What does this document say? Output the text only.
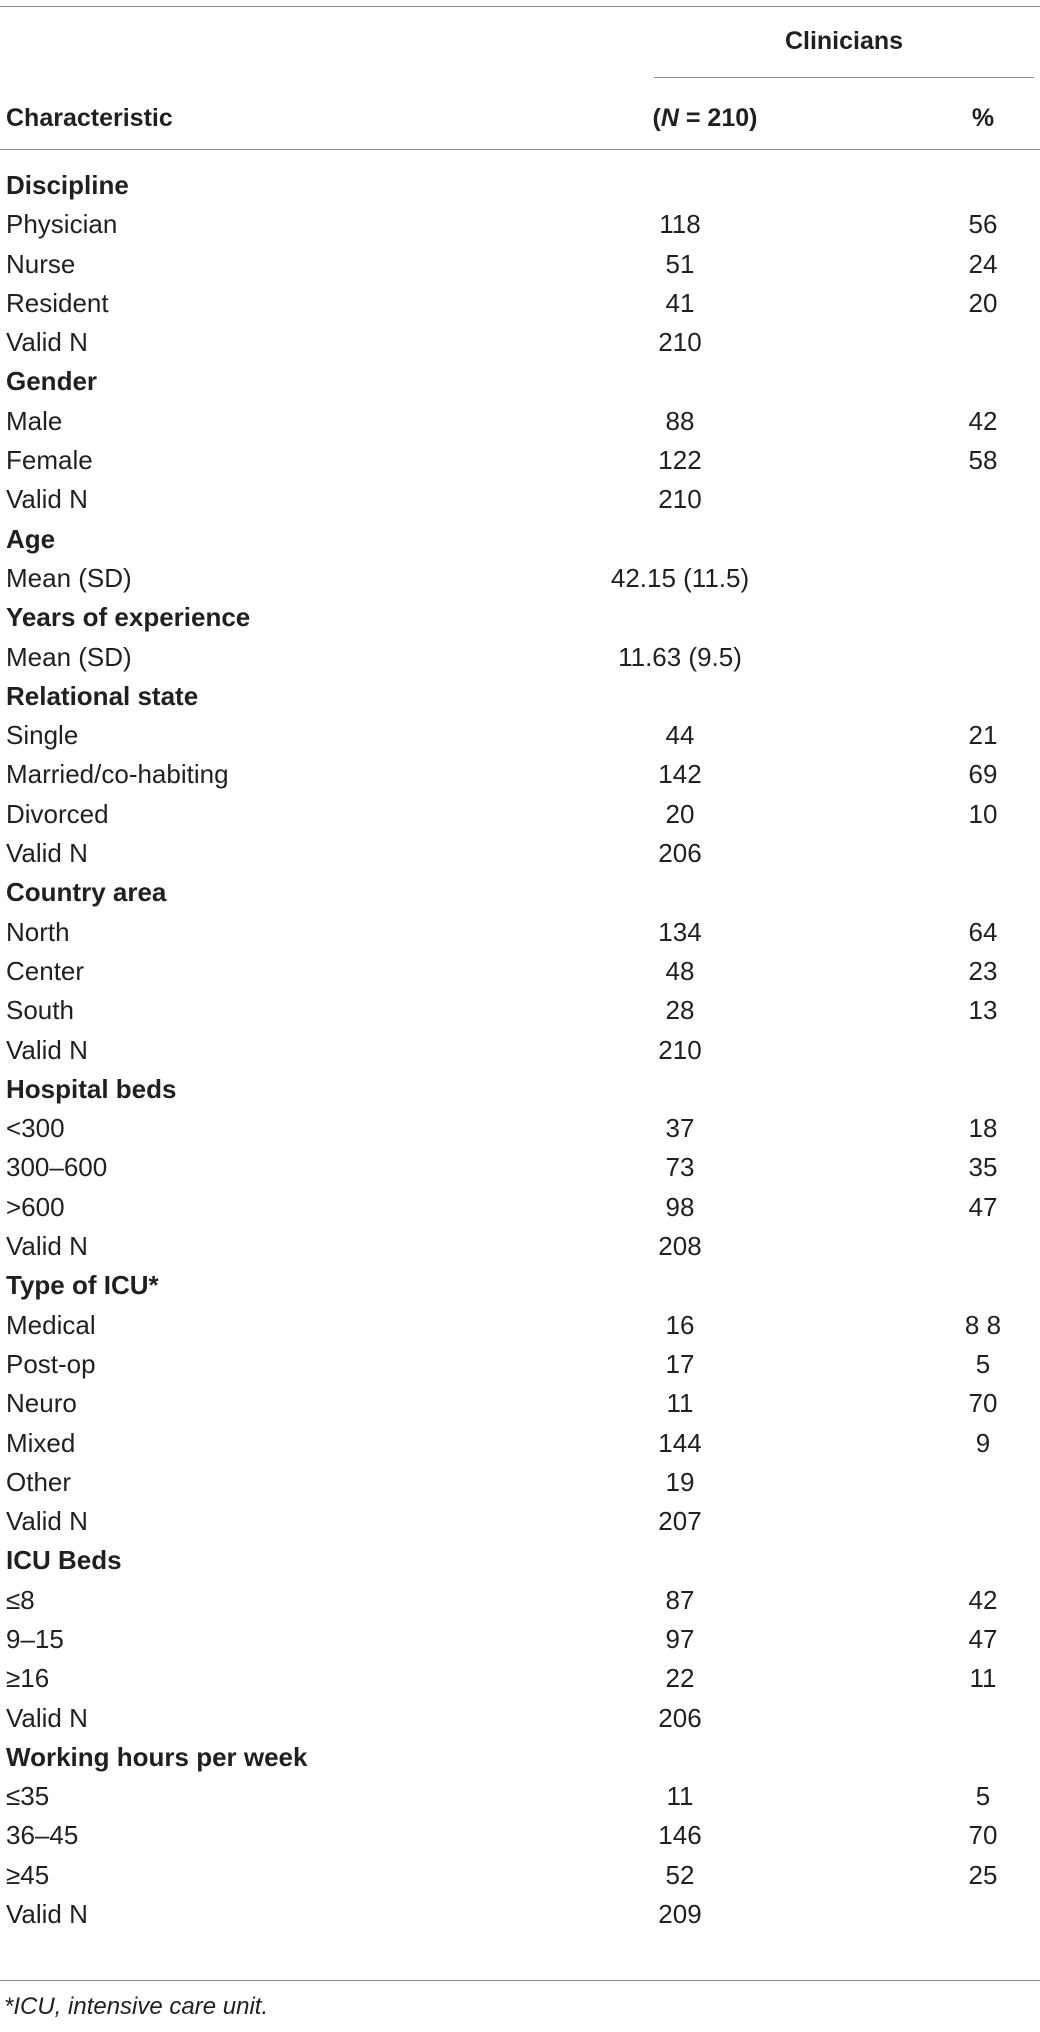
Clinicians
Characteristic	(N = 210)	%
Discipline
Physician	118	56
Nurse	51	24
Resident	41	20
Valid N	210
Gender
Male	88	42
Female	122	58
Valid N	210
Age
Mean (SD)	42.15 (11.5)
Years of experience
Mean (SD)	11.63 (9.5)
Relational state
Single	44	21
Married/co-habiting	142	69
Divorced	20	10
Valid N	206
Country area
North	134	64
Center	48	23
South	28	13
Valid N	210
Hospital beds
<300	37	18
300–600	73	35
>600	98	47
Valid N	208
Type of ICU*
Medical	16	8 8
Post-op	17	5
Neuro	11	70
Mixed	144	9
Other	19
Valid N	207
ICU Beds
≤8	87	42
9–15	97	47
≥16	22	11
Valid N	206
Working hours per week
≤35	11	5
36–45	146	70
≥45	52	25
Valid N	209
*ICU, intensive care unit.
